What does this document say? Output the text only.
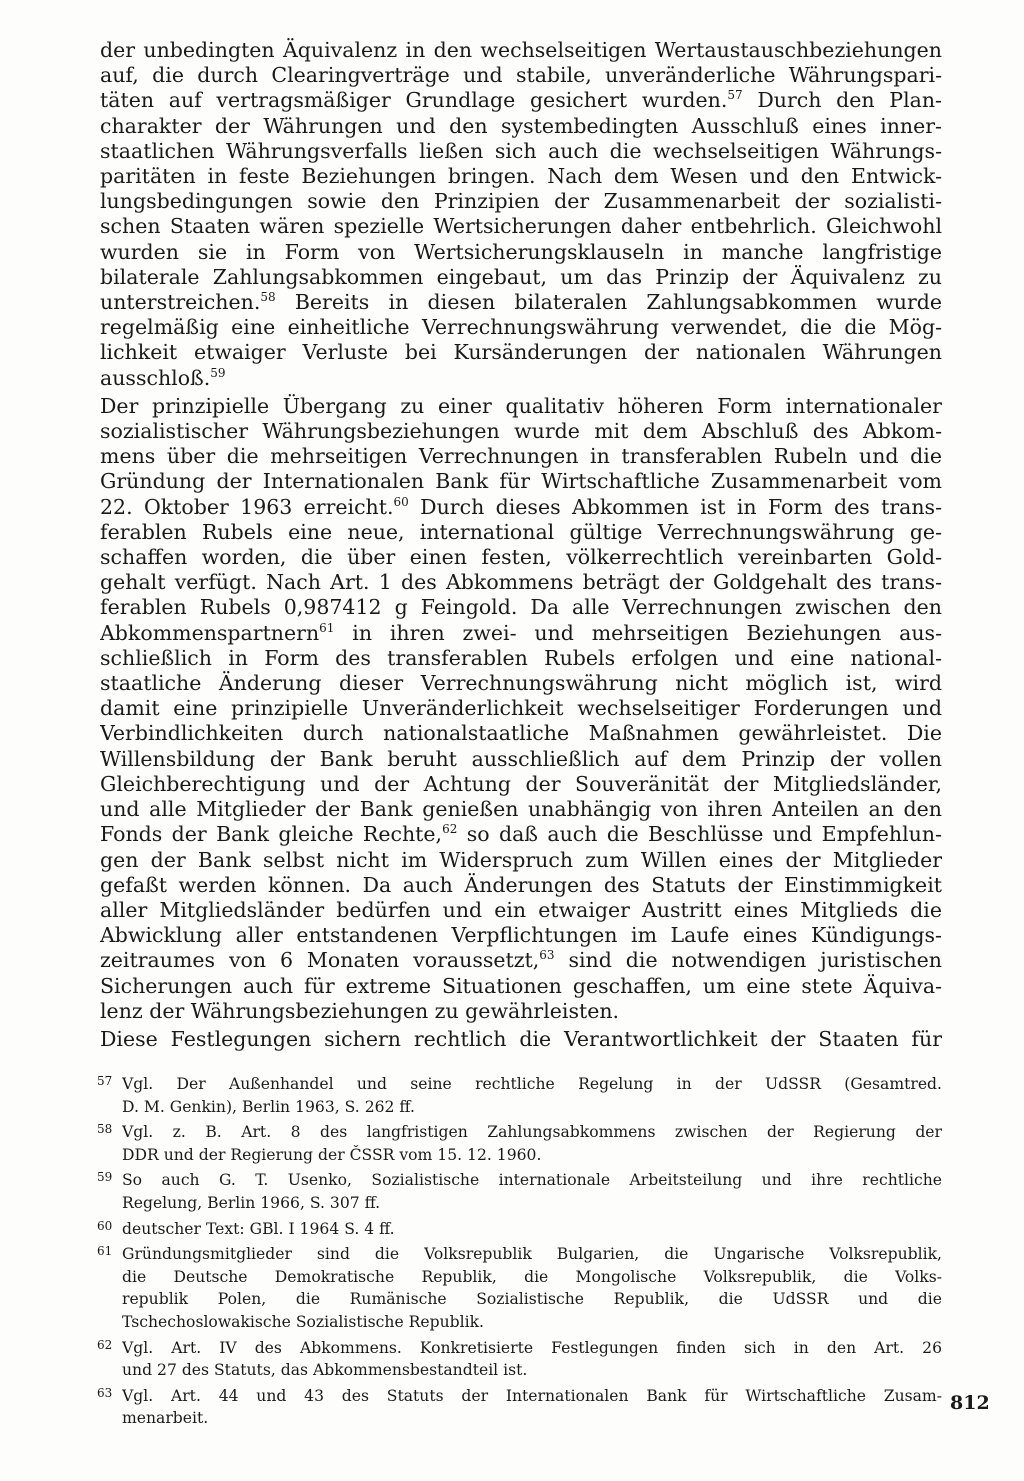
der unbedingten Äquivalenz in den wechselseitigen Wertaustauschbeziehungen
auf, die durch Clearingverträge und stabile, unveränderliche Währungspari-
täten auf vertragsmäßiger Grundlage gesichert wurden.$^{57}$ Durch den Plan-
charakter der Währungen und den systembedingten Ausschluß eines inner-
staatlichen Währungsverfalls ließen sich auch die wechselseitigen Währungs-
paritäten in feste Beziehungen bringen. Nach dem Wesen und den Entwick-
lungsbedingungen sowie den Prinzipien der Zusammenarbeit der sozialisti-
schen Staaten wären spezielle Wertsicherungen daher entbehrlich. Gleichwohl
wurden sie in Form von Wertsicherungsklauseln in manche langfristige
bilaterale Zahlungsabkommen eingebaut, um das Prinzip der Äquivalenz zu
unterstreichen.$^{58}$ Bereits in diesen bilateralen Zahlungsabkommen wurde
regelmäßig eine einheitliche Verrechnungswährung verwendet, die die Mög-
lichkeit etwaiger Verluste bei Kursänderungen der nationalen Währungen
ausschloß.$^{59}$
Der prinzipielle Übergang zu einer qualitativ höheren Form internationaler
sozialistischer Währungsbeziehungen wurde mit dem Abschluß des Abkom-
mens über die mehrseitigen Verrechnungen in transferablen Rubeln und die
Gründung der Internationalen Bank für Wirtschaftliche Zusammenarbeit vom
22. Oktober 1963 erreicht.$^{60}$ Durch dieses Abkommen ist in Form des trans-
ferablen Rubels eine neue, international gültige Verrechnungswährung ge-
schaffen worden, die über einen festen, völkerrechtlich vereinbarten Gold-
gehalt verfügt. Nach Art. 1 des Abkommens beträgt der Goldgehalt des trans-
ferablen Rubels 0,987412 g Feingold. Da alle Verrechnungen zwischen den
Abkommenspartnern$^{61}$ in ihren zwei- und mehrseitigen Beziehungen aus-
schließlich in Form des transferablen Rubels erfolgen und eine national-
staatliche Änderung dieser Verrechnungswährung nicht möglich ist, wird
damit eine prinzipielle Unveränderlichkeit wechselseitiger Forderungen und
Verbindlichkeiten durch nationalstaatliche Maßnahmen gewährleistet. Die
Willensbildung der Bank beruht ausschließlich auf dem Prinzip der vollen
Gleichberechtigung und der Achtung der Souveränität der Mitgliedsländer,
und alle Mitglieder der Bank genießen unabhängig von ihren Anteilen an den
Fonds der Bank gleiche Rechte,$^{62}$ so daß auch die Beschlüsse und Empfehlun-
gen der Bank selbst nicht im Widerspruch zum Willen eines der Mitglieder
gefaßt werden können. Da auch Änderungen des Statuts der Einstimmigkeit
aller Mitgliedsländer bedürfen und ein etwaiger Austritt eines Mitglieds die
Abwicklung aller entstandenen Verpflichtungen im Laufe eines Kündigungs-
zeitraumes von 6 Monaten voraussetzt,$^{63}$ sind die notwendigen juristischen
Sicherungen auch für extreme Situationen geschaffen, um eine stete Äquiva-
lenz der Währungsbeziehungen zu gewährleisten.
Diese Festlegungen sichern rechtlich die Verantwortlichkeit der Staaten für
57 Vgl. Der Außenhandel und seine rechtliche Regelung in der UdSSR (Gesamtred.
D. M. Genkin), Berlin 1963, S. 262 ff.
58 Vgl. z. B. Art. 8 des langfristigen Zahlungsabkommens zwischen der Regierung der
DDR und der Regierung der ČSSR vom 15. 12. 1960.
59 So auch G. T. Usenko, Sozialistische internationale Arbeitsteilung und ihre rechtliche
Regelung, Berlin 1966, S. 307 ff.
60 deutscher Text: GBl. I 1964 S. 4 ff.
61 Gründungsmitglieder sind die Volksrepublik Bulgarien, die Ungarische Volksrepublik,
die Deutsche Demokratische Republik, die Mongolische Volksrepublik, die Volks-
republik Polen, die Rumänische Sozialistische Republik, die UdSSR und die
Tschechoslowakische Sozialistische Republik.
62 Vgl. Art. IV des Abkommens. Konkretisierte Festlegungen finden sich in den Art. 26
und 27 des Statuts, das Abkommensbestandteil ist.
63 Vgl. Art. 44 und 43 des Statuts der Internationalen Bank für Wirtschaftliche Zusam-
menarbeit.
812
